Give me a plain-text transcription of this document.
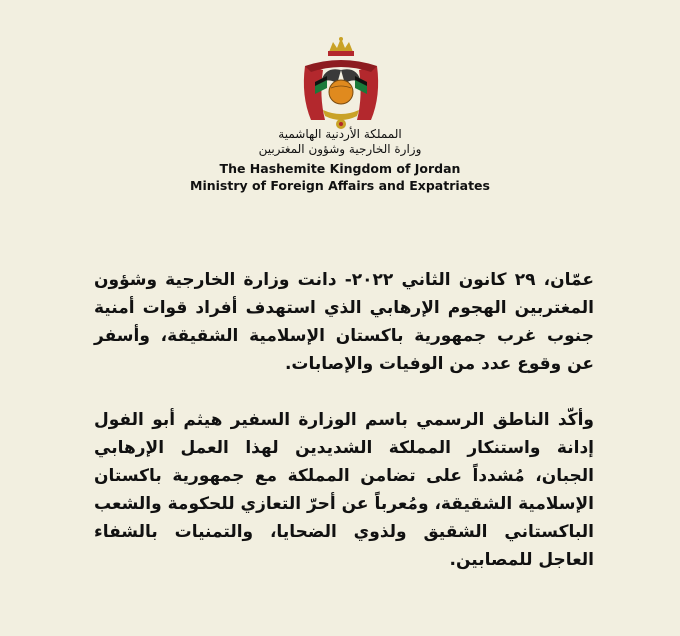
المملكة الأردنية الهاشمية
وزارة الخارجية وشؤون المغتربين
The Hashemite Kingdom of Jordan
Ministry of Foreign Affairs and Expatriates

عمّان، ٢٩ كانون الثاني ٢٠٢٢- دانت وزارة الخارجية وشؤون المغتربين الهجوم الإرهابي الذي استهدف أفراد قوات أمنية جنوب غرب جمهورية باكستان الإسلامية الشقيقة، وأسفر عن وقوع عدد من الوفيات والإصابات.

وأكّد الناطق الرسمي باسم الوزارة السفير هيثم أبو الفول إدانة واستنكار المملكة الشديدين لهذا العمل الإرهابي الجبان، مُشدداً على تضامن المملكة مع جمهورية باكستان الإسلامية الشقيقة، ومُعرباً عن أحرّ التعازي للحكومة والشعب الباكستاني الشقيق ولذوي الضحايا، والتمنيات بالشفاء العاجل للمصابين.
